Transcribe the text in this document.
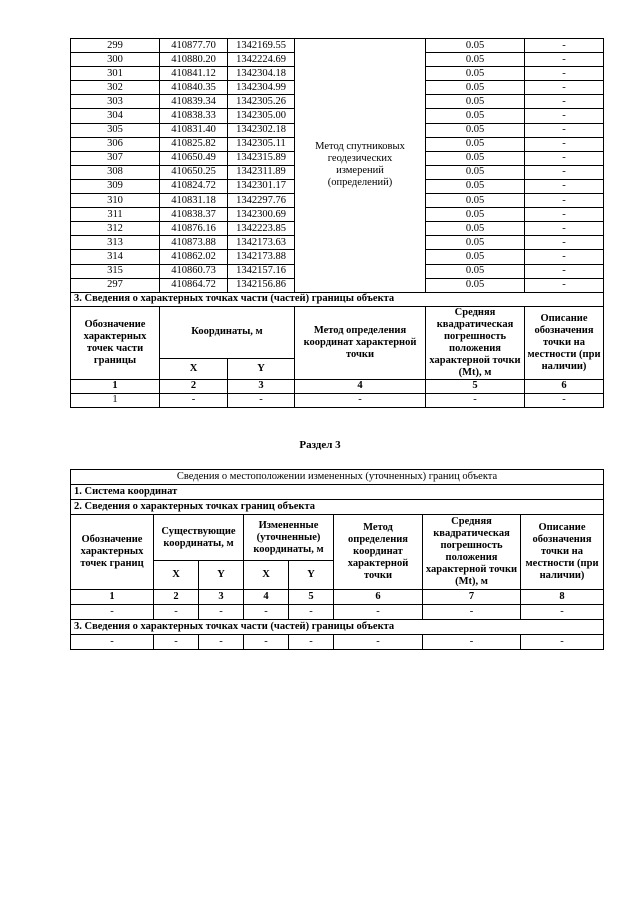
299	410877.70	1342169.55	Метод спутниковых геодезических измерений (определений)	0.05	-
300	410880.20	1342224.69		0.05	-
301	410841.12	1342304.18		0.05	-
302	410840.35	1342304.99		0.05	-
303	410839.34	1342305.26		0.05	-
304	410838.33	1342305.00		0.05	-
305	410831.40	1342302.18		0.05	-
306	410825.82	1342305.11		0.05	-
307	410650.49	1342315.89		0.05	-
308	410650.25	1342311.89		0.05	-
309	410824.72	1342301.17		0.05	-
310	410831.18	1342297.76		0.05	-
311	410838.37	1342300.69		0.05	-
312	410876.16	1342223.85		0.05	-
313	410873.88	1342173.63		0.05	-
314	410862.02	1342173.88		0.05	-
315	410860.73	1342157.16		0.05	-
297	410864.72	1342156.86		0.05	-
3. Сведения о характерных точках части (частей) границы объекта					
Обозначение характерных точек части границы	Координаты, м		Метод определения координат характерной точки	Средняя квадратическая погрешность положения характерной точки (Mt), м	Описание обозначения точки на местности (при наличии)
	X	Y			
1	2	3	4	5	6
1	-	-	-	-	-
Раздел 3
Сведения о местоположении измененных (уточненных) границ объекта							
1. Система координат							
2. Сведения о характерных точках границ объекта							
Обозначение характерных точек границ	Существующие координаты, м		Измененные (уточненные) координаты, м		Метод определения координат характерной точки	Средняя квадратическая погрешность положения характерной точки (Mt), м	Описание обозначения точки на местности (при наличии)
	X	Y	X	Y			
1	2	3	4	5	6	7	8
-	-	-	-	-	-	-	-
3. Сведения о характерных точках части (частей) границы объекта							
-	-	-	-	-	-	-	-
